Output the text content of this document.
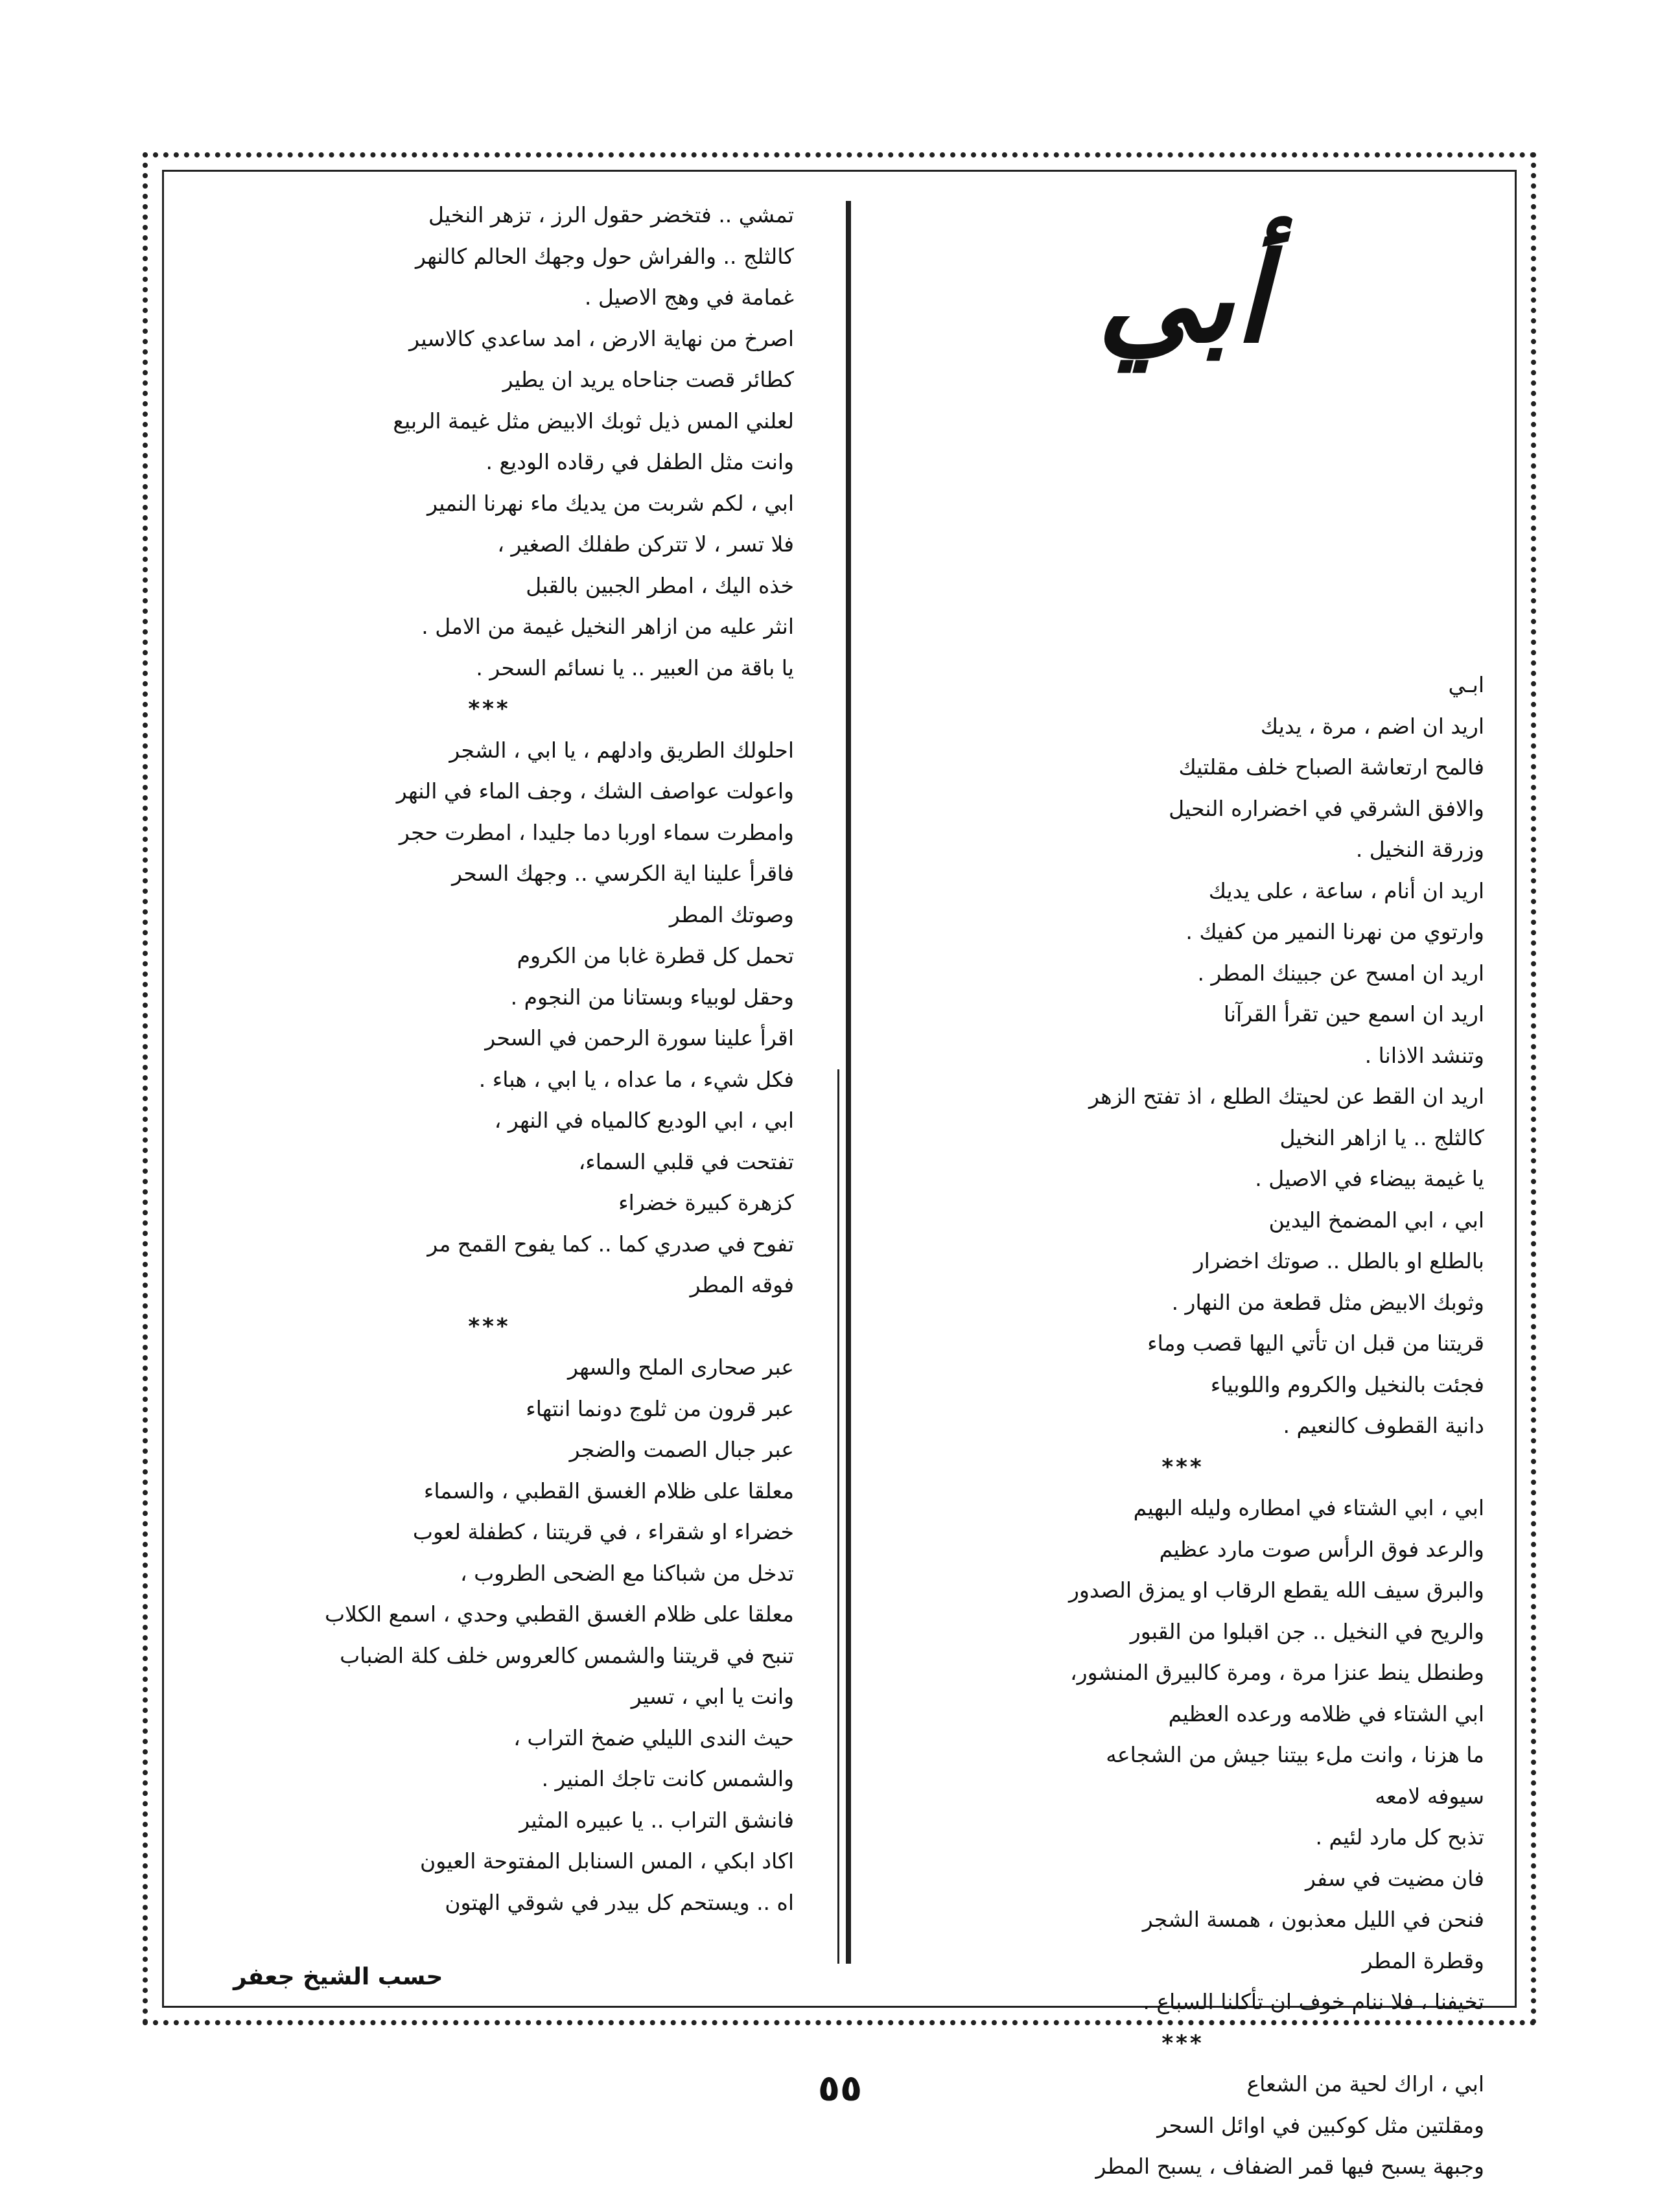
أبي
ابـي
اريد ان اضم ، مرة ، يديك
فالمح ارتعاشة الصباح خلف مقلتيك
والافق الشرقي في اخضراره النحيل
وزرقة النخيل .
اريد ان أنام ، ساعة ، على يديك
وارتوي من نهرنا النمير من كفيك .
اريد ان امسح عن جبينك المطر .
اريد ان اسمع حين تقرأ القرآنا
وتنشد الاذانا .
اريد ان القط عن لحيتك الطلع ، اذ تفتح الزهر
كالثلج .. يا ازاهر النخيل
يا غيمة بيضاء في الاصيل .
ابي ، ابي المضمخ اليدين
بالطلع او بالطل .. صوتك اخضرار
وثوبك الابيض مثل قطعة من النهار .
قريتنا من قبل ان تأتي اليها قصب وماء
فجئت بالنخيل والكروم واللوبياء
دانية القطوف كالنعيم .
***
ابي ، ابي الشتاء في امطاره وليله البهيم
والرعد فوق الرأس صوت مارد عظيم
والبرق سيف الله يقطع الرقاب او يمزق الصدور
والريح في النخيل .. جن اقبلوا من القبور
وطنطل ينط عنزا مرة ، ومرة كالبيرق المنشور،
ابي الشتاء في ظلامه ورعده العظيم
ما هزنا ، وانت ملء بيتنا جيش من الشجاعه
سيوفه لامعه
تذبح كل مارد لئيم .
فان مضيت في سفر
فنحن في الليل معذبون ، همسة الشجر
وقطرة المطر
تخيفنا ، فلا ننام خوف ان تأكلنا السباع .
***
ابي ، اراك لحية من الشعاع
ومقلتين مثل كوكبين في اوائل السحر
وجبهة يسبح فيها قمر الضفاف ، يسبح المطر
تمشي .. فتخضر حقول الرز ، تزهر النخيل
كالثلج .. والفراش حول وجهك الحالم كالنهر
غمامة في وهج الاصيل .
اصرخ من نهاية الارض ، امد ساعدي كالاسير
كطائر قصت جناحاه يريد ان يطير
لعلني المس ذيل ثوبك الابيض مثل غيمة الربيع
وانت مثل الطفل في رقاده الوديع .
ابي ، لكم شربت من يديك ماء نهرنا النمير
فلا تسر ، لا تتركن طفلك الصغير ،
خذه اليك ، امطر الجبين بالقبل
انثر عليه من ازاهر النخيل غيمة من الامل .
يا باقة من العبير .. يا نسائم السحر .
***
احلولك الطريق وادلهم ، يا ابي ، الشجر
واعولت عواصف الشك ، وجف الماء في النهر
وامطرت سماء اوربا دما جليدا ، امطرت حجر
فاقرأ علينا اية الكرسي .. وجهك السحر
وصوتك المطر
تحمل كل قطرة غابا من الكروم
وحقل لوبياء وبستانا من النجوم .
اقرأ علينا سورة الرحمن في السحر
فكل شيء ، ما عداه ، يا ابي ، هباء .
ابي ، ابي الوديع كالمياه في النهر ،
تفتحت في قلبي السماء،
كزهرة كبيرة خضراء
تفوح في صدري كما .. كما يفوح القمح مر
فوقه المطر
***
عبر صحارى الملح والسهر
عبر قرون من ثلوج دونما انتهاء
عبر جبال الصمت والضجر
معلقا على ظلام الغسق القطبي ، والسماء
خضراء او شقراء ، في قريتنا ، كطفلة لعوب
تدخل من شباكنا مع الضحى الطروب ،
معلقا على ظلام الغسق القطبي وحدي ، اسمع الكلاب
تنبح في قريتنا والشمس كالعروس خلف كلة الضباب
وانت يا ابي ، تسير
حيث الندى الليلي ضمخ التراب ،
والشمس كانت تاجك المنير .
فانشق التراب .. يا عبيره المثير
اكاد ابكي ، المس السنابل المفتوحة العيون
اه .. ويستحم كل بيدر في شوقي الهتون
حسب الشيخ جعفر
٥٥
